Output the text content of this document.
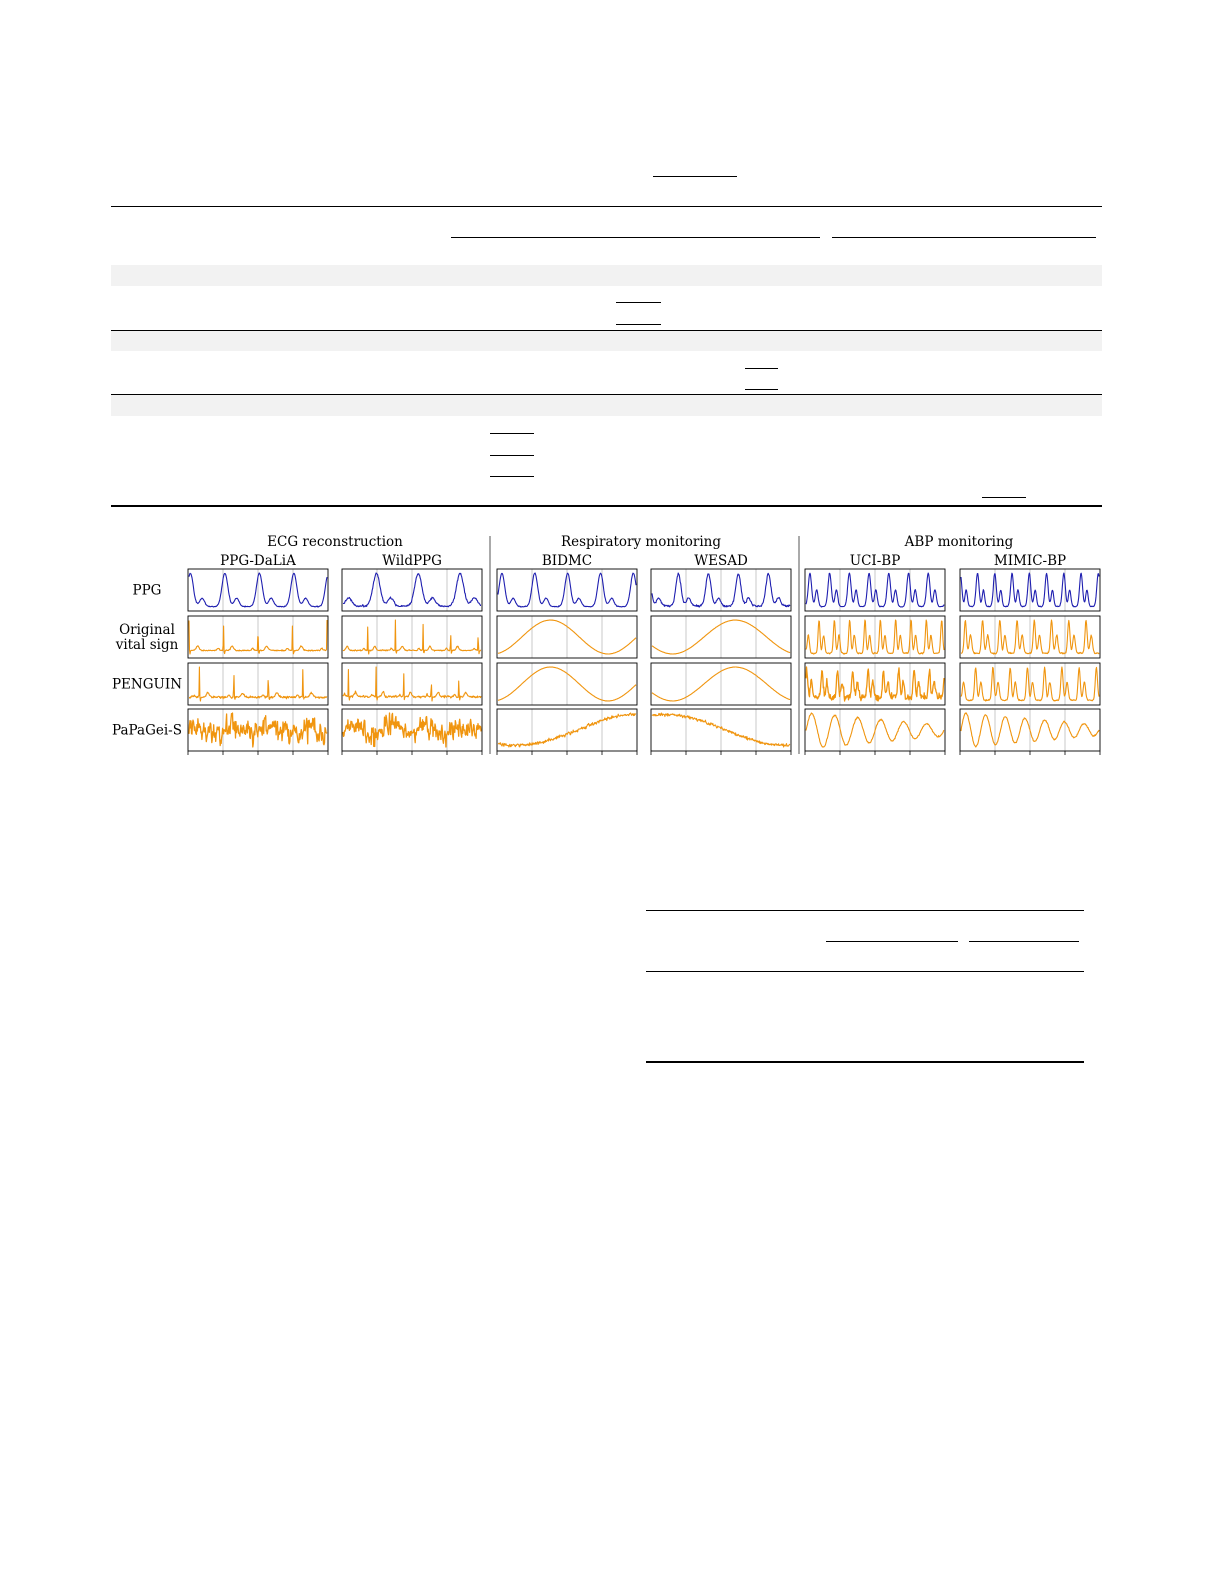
ECG reconstruction	Respiratory monitoring	ABP monitoring
PPG-DaLiA	WildPPG	BIDMC	WESAD	UCI-BP	MIMIC-BP
PPG
Original
vital sign
PENGUIN
PaPaGei-S
